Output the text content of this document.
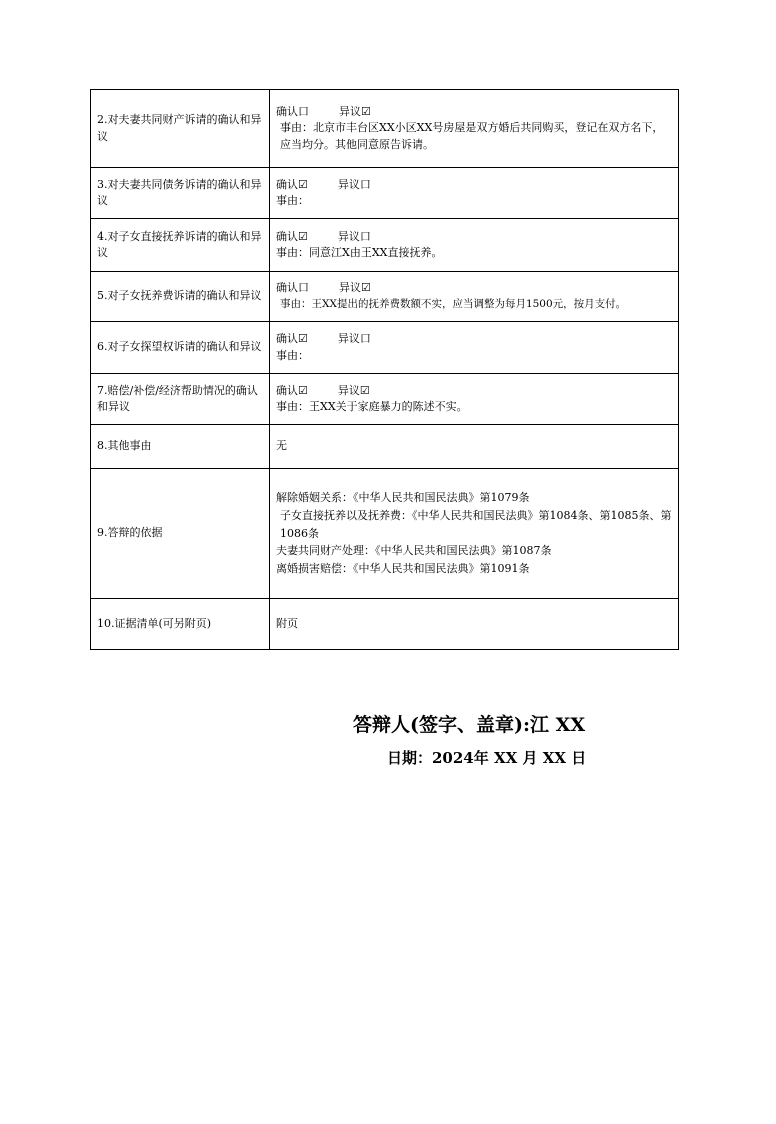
2.对夫妻共同财产诉请的确认和异议	确认口 异议☑
事由：北京市丰台区XX小区XX号房屋是双方婚后共同购买，登记在双方名下，应当均分。其他同意原告诉请。

3.对夫妻共同债务诉请的确认和异议	确认☑ 异议口
事由：

4.对子女直接抚养诉请的确认和异议	确认☑ 异议口
事由：同意江X由王XX直接抚养。

5.对子女抚养费诉请的确认和异议	确认口 异议☑
事由：王XX提出的抚养费数额不实，应当调整为每月1500元，按月支付。

6.对子女探望权诉请的确认和异议	确认☑ 异议口
事由：

7.赔偿/补偿/经济帮助情况的确认和异议	确认☑ 异议☑
事由：王XX关于家庭暴力的陈述不实。

8.其他事由	无
9.答辩的依据	解除婚姻关系：《中华人民共和国民法典》第1079条
子女直接抚养以及抚养费：《中华人民共和国民法典》第1084条、第1085条、第1086条
夫妻共同财产处理：《中华人民共和国民法典》第1087条
离婚损害赔偿：《中华人民共和国民法典》第1091条

10.证据清单(可另附页)	附页
答辩人(签字、盖章):江 XX
日期：2024年 XX 月 XX 日
